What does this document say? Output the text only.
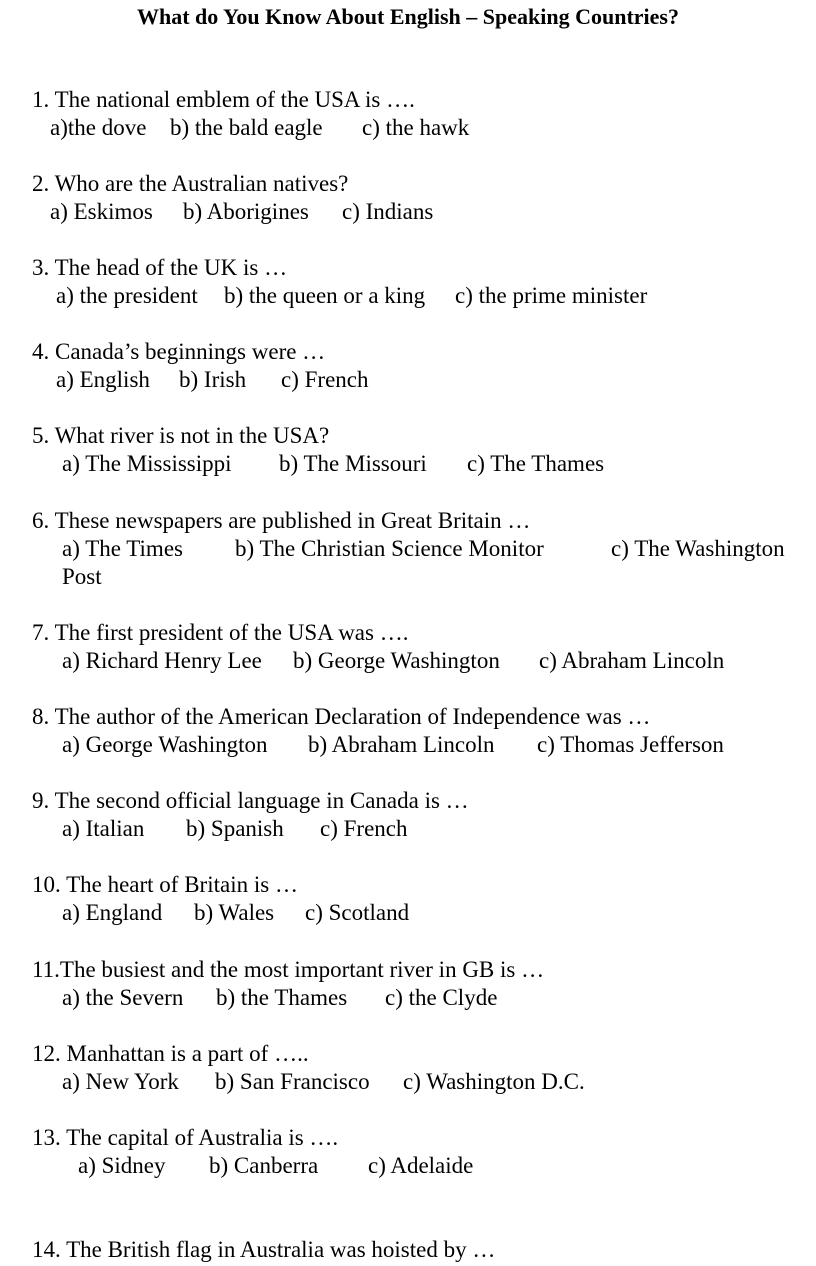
What do You Know About English – Speaking Countries?
1. The national emblem of the USA is ….
a)the dove b) the bald eagle c) the hawk
2. Who are the Australian natives?
a) Eskimos b) Aborigines c) Indians
3. The head of the UK is …
a) the president b) the queen or a king c) the prime minister
4. Canada’s beginnings were …
a) English b) Irish c) French
5. What river is not in the USA?
a) The Mississippi b) The Missouri c) The Thames
6. These newspapers are published in Great Britain …
a) The Times b) The Christian Science Monitor	c) The Washington
Post
7. The first president of the USA was ….
a) Richard Henry Lee b) George Washington c) Abraham Lincoln
8. The author of the American Declaration of Independence was …
a) George Washington b) Abraham Lincoln c) Thomas Jefferson
9. The second official language in Canada is …
a) Italian b) Spanish c) French
10. The heart of Britain is …
a) England b) Wales c) Scotland
11.The busiest and the most important river in GB is …
a) the Severn b) the Thames c) the Clyde
12. Manhattan is a part of …..
a) New York b) San Francisco c) Washington D.C.
13. The capital of Australia is ….
a) Sidney b) Canberra c) Adelaide
14. The British flag in Australia was hoisted by …
